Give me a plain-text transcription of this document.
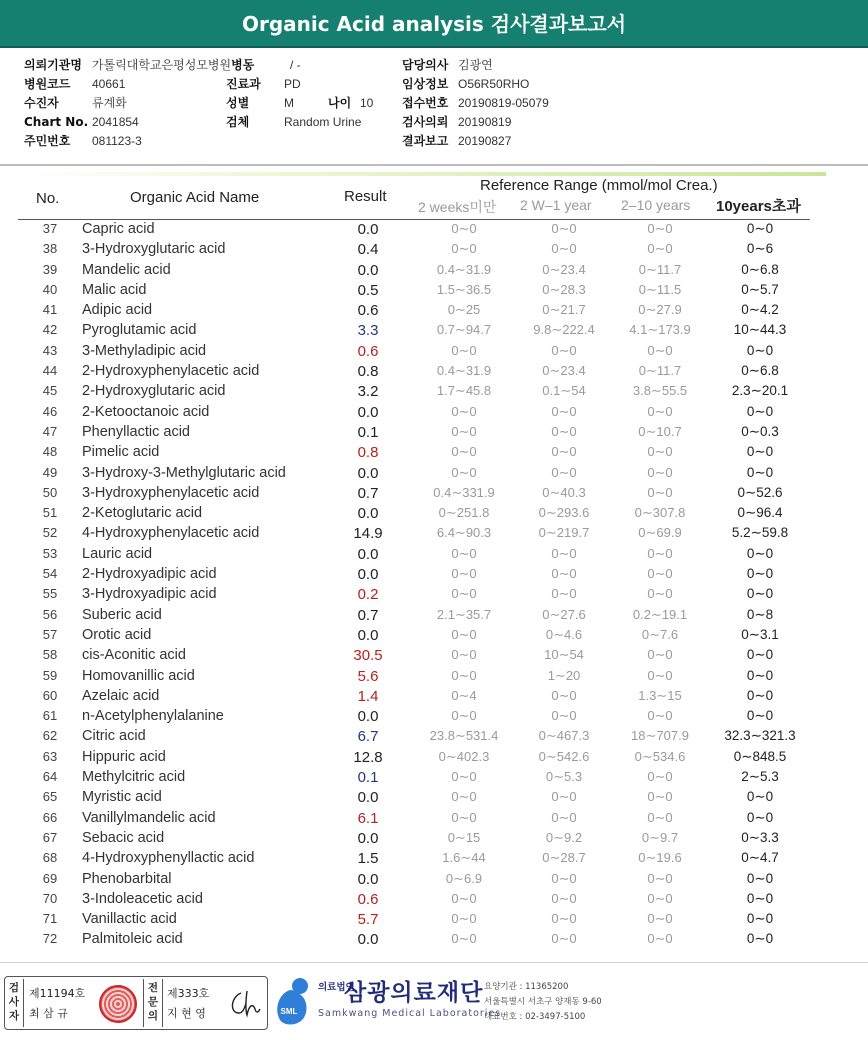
Organic Acid analysis 검사결과보고서
의뢰기관명 가톨릭대학교은평성모병원병동	/ -
병원코드 40661	진료과 PD
수진자	류계화	성별	M	나이 10
Chart No. 2041854	검체	Random Urine
주민번호 081123-3
담당의사 김광연
임상정보 O56R50RHO
접수번호 20190819-05079
검사의뢰 20190819
결과보고 20190827
No.	Organic Acid Name	Result
Reference Range (mmol/mol Crea.)
2 weeks미만 2 W–1 year 2–10 years 10years초과
37	Capric acid	0.0	0∼0	0∼0	0∼0	0∼0
38	3-Hydroxyglutaric acid	0.4	0∼0	0∼0	0∼0	0∼6
39	Mandelic acid	0.0	0.4∼31.9	0∼23.4	0∼11.7	0∼6.8
40	Malic acid	0.5	1.5∼36.5	0∼28.3	0∼11.5	0∼5.7
41	Adipic acid	0.6	0∼25	0∼21.7	0∼27.9	0∼4.2
42	Pyroglutamic acid	3.3	0.7∼94.7	9.8∼222.4	4.1∼173.9	10∼44.3
43	3-Methyladipic acid	0.6	0∼0	0∼0	0∼0	0∼0
44	2-Hydroxyphenylacetic acid	0.8	0.4∼31.9	0∼23.4	0∼11.7	0∼6.8
45	2-Hydroxyglutaric acid	3.2	1.7∼45.8	0.1∼54	3.8∼55.5	2.3∼20.1
46	2-Ketooctanoic acid	0.0	0∼0	0∼0	0∼0	0∼0
47	Phenyllactic acid	0.1	0∼0	0∼0	0∼10.7	0∼0.3
48	Pimelic acid	0.8	0∼0	0∼0	0∼0	0∼0
49	3-Hydroxy-3-Methylglutaric acid	0.0	0∼0	0∼0	0∼0	0∼0
50	3-Hydroxyphenylacetic acid	0.7	0.4∼331.9	0∼40.3	0∼0	0∼52.6
51	2-Ketoglutaric acid	0.0	0∼251.8	0∼293.6	0∼307.8	0∼96.4
52	4-Hydroxyphenylacetic acid	14.9	6.4∼90.3	0∼219.7	0∼69.9	5.2∼59.8
53	Lauric acid	0.0	0∼0	0∼0	0∼0	0∼0
54	2-Hydroxyadipic acid	0.0	0∼0	0∼0	0∼0	0∼0
55	3-Hydroxyadipic acid	0.2	0∼0	0∼0	0∼0	0∼0
56	Suberic acid	0.7	2.1∼35.7	0∼27.6	0.2∼19.1	0∼8
57	Orotic acid	0.0	0∼0	0∼4.6	0∼7.6	0∼3.1
58	cis-Aconitic acid	30.5	0∼0	10∼54	0∼0	0∼0
59	Homovanillic acid	5.6	0∼0	1∼20	0∼0	0∼0
60	Azelaic acid	1.4	0∼4	0∼0	1.3∼15	0∼0
61	n-Acetylphenylalanine	0.0	0∼0	0∼0	0∼0	0∼0
62	Citric acid	6.7	23.8∼531.4	0∼467.3	18∼707.9	32.3∼321.3
63	Hippuric acid	12.8	0∼402.3	0∼542.6	0∼534.6	0∼848.5
64	Methylcitric acid	0.1	0∼0	0∼5.3	0∼0	2∼5.3
65	Myristic acid	0.0	0∼0	0∼0	0∼0	0∼0
66	Vanillylmandelic acid	6.1	0∼0	0∼0	0∼0	0∼0
67	Sebacic acid	0.0	0∼15	0∼9.2	0∼9.7	0∼3.3
68	4-Hydroxyphenyllactic acid	1.5	1.6∼44	0∼28.7	0∼19.6	0∼4.7
69	Phenobarbital	0.0	0∼6.9	0∼0	0∼0	0∼0
70	3-Indoleacetic acid	0.6	0∼0	0∼0	0∼0	0∼0
71	Vanillactic acid	5.7	0∼0	0∼0	0∼0	0∼0
72	Palmitoleic acid	0.0	0∼0	0∼0	0∼0	0∼0
검사자
제11194호
최 삼 규
전문의
제333호
지 현 영	SML
의료법인
삼광의료재단
Samkwang Medical Laboratories
요양기관 : 11365200
서울특별시 서초구 양재동 9-60
대표번호 : 02-3497-5100
